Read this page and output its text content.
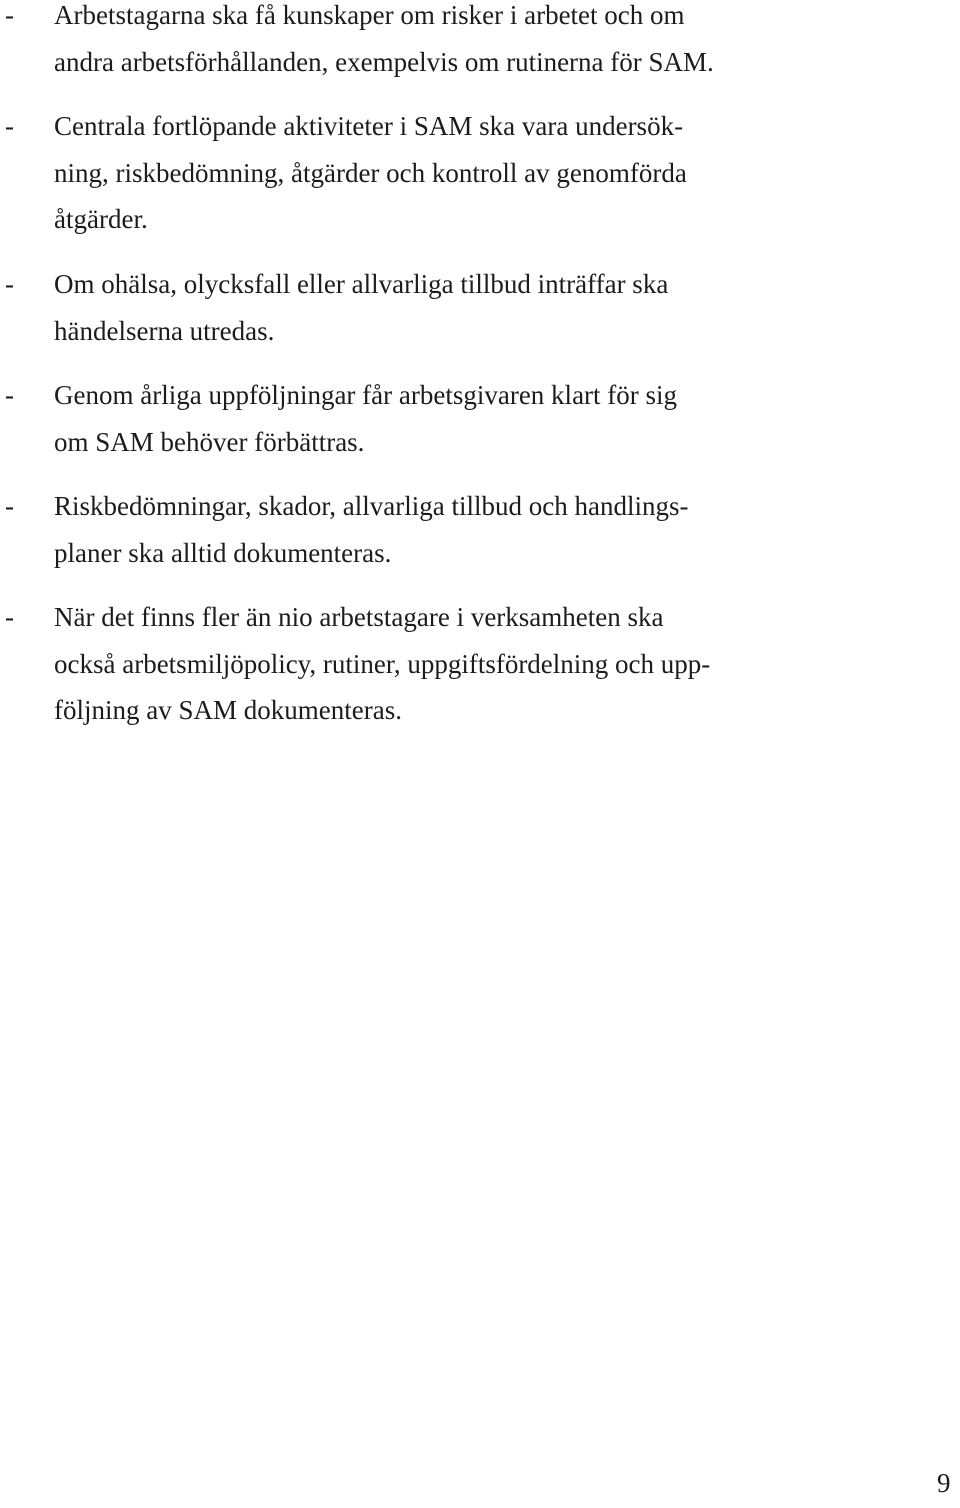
- Arbetstagarna ska få kunskaper om risker i arbetet och om
andra arbetsförhållanden, exempelvis om rutinerna för SAM.
- Centrala fortlöpande aktiviteter i SAM ska vara undersök-
ning, riskbedömning, åtgärder och kontroll av genomförda
åtgärder.
- Om ohälsa, olycksfall eller allvarliga tillbud inträffar ska
händelserna utredas.
- Genom årliga uppföljningar får arbetsgivaren klart för sig
om SAM behöver förbättras.
- Riskbedömningar, skador, allvarliga tillbud och handlings-
planer ska alltid dokumenteras.
- När det finns fler än nio arbetstagare i verksamheten ska
också arbetsmiljöpolicy, rutiner, uppgiftsfördelning och upp-
följning av SAM dokumenteras.
9
